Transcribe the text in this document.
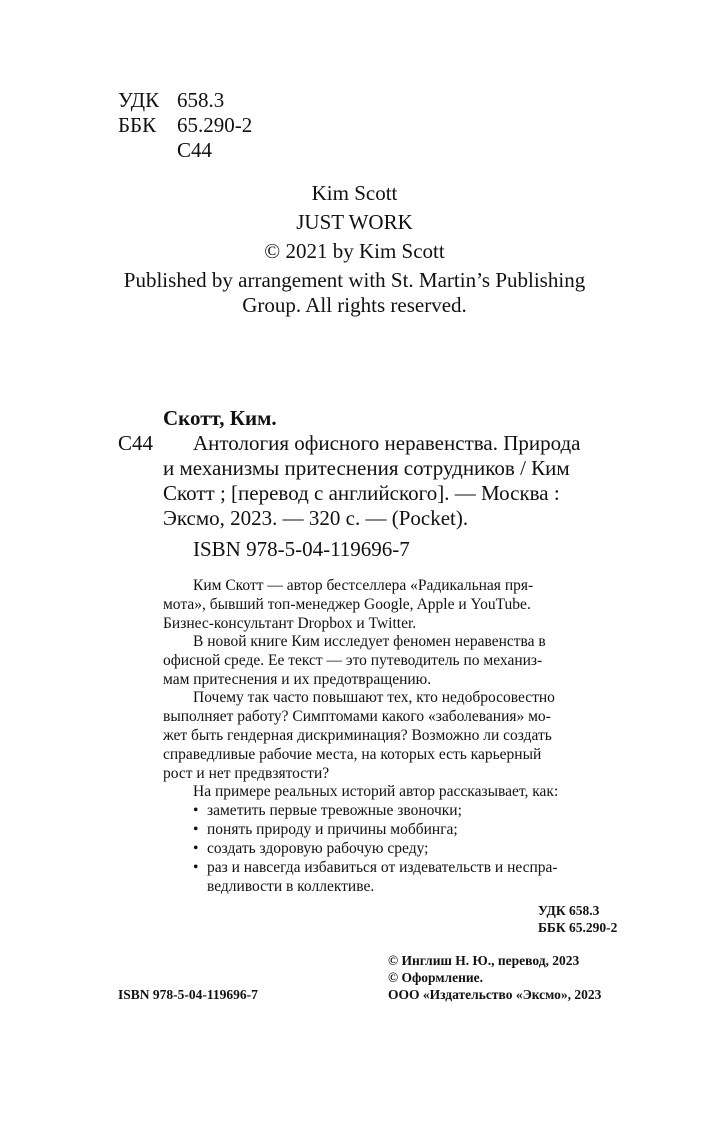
УДК 658.3
ББК 65.290-2
С44
Kim Scott
JUST WORK
© 2021 by Kim Scott
Published by arrangement with St. Martin’s Publishing
Group. All rights reserved.
Скотт, Ким.
С44 Антология офисного неравенства. Природа
и механизмы притеснения сотрудников / Ким
Скотт ; [перевод с английского]. — Москва :
Эксмо, 2023. — 320 с. — (Pocket).
ISBN 978-5-04-119696-7
Ким Скотт — автор бестселлера «Радикальная пря-
мота», бывший топ-менеджер Google, Apple и YouTube.
Бизнес-консультант Dropbox и Twitter.
В новой книге Ким исследует феномен неравенства в
офисной среде. Ее текст — это путеводитель по механиз-
мам притеснения и их предотвращению.
Почему так часто повышают тех, кто недобросовестно
выполняет работу? Симптомами какого «заболевания» мо-
жет быть гендерная дискриминация? Возможно ли создать
справедливые рабочие места, на которых есть карьерный
рост и нет предвзятости?
На примере реальных историй автор рассказывает, как:
• заметить первые тревожные звоночки;
• понять природу и причины моббинга;
• создать здоровую рабочую среду;
• раз и навсегда избавиться от издевательств и неспра-
ведливости в коллективе.
УДК 658.3
ББК 65.290-2
© Инглиш Н. Ю., перевод, 2023
© Оформление.
ООО «Издательство «Эксмо», 2023
ISBN 978-5-04-119696-7
